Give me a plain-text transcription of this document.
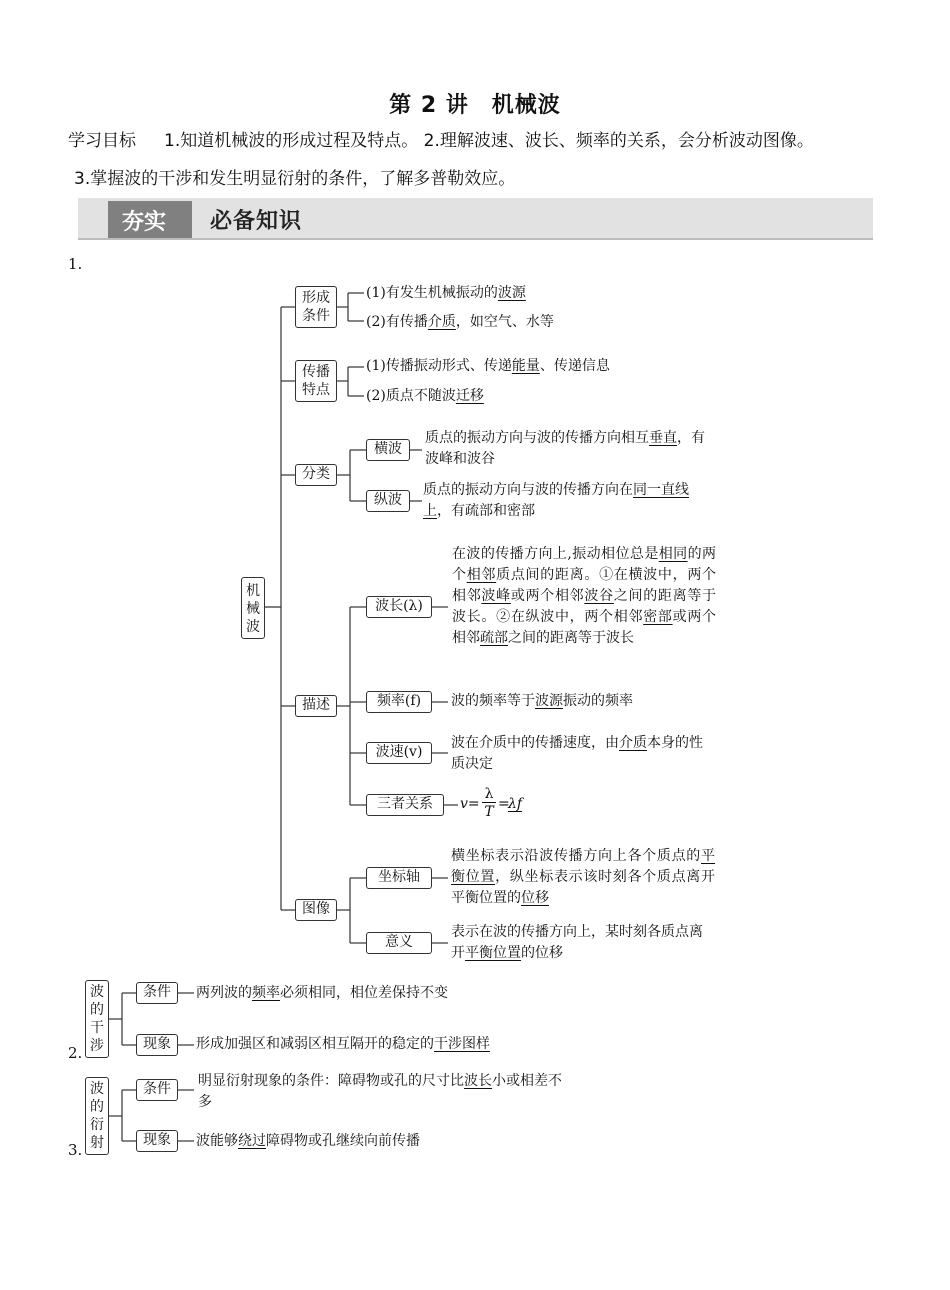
第 2 讲　机械波
学习目标 1.知道机械波的形成过程及特点。 2.理解波速、波长、频率的关系，会分析波动图像。
3.掌握波的干涉和发生明显衍射的条件，了解多普勒效应。
夯实 必备知识
1.
机械波
形成条件
(1)有发生机械振动的波源
(2)有传播介质，如空气、水等
传播特点
(1)传播振动形式、传递能量、传递信息
(2)质点不随波迁移
分类
横波
质点的振动方向与波的传播方向相互垂直，有波峰和波谷
纵波
质点的振动方向与波的传播方向在同一直线上，有疏部和密部
描述
波长(λ)
在波的传播方向上,振动相位总是相同的两个相邻质点间的距离。①在横波中，两个相邻波峰或两个相邻波谷之间的距离等于波长。②在纵波中，两个相邻密部或两个相邻疏部之间的距离等于波长
频率(f)	波的频率等于波源振动的频率
波速(v)
波在介质中的传播速度，由介质本身的性质决定
三者关系	v=
λ
T =
λf
图像
坐标轴
横坐标表示沿波传播方向上各个质点的平衡位置，纵坐标表示该时刻各个质点离开平衡位置的位移
意义
表示在波的传播方向上，某时刻各质点离开平衡位置的位移
2.
波的干涉
条件	两列波的频率必须相同，相位差保持不变
现象	形成加强区和减弱区相互隔开的稳定的干涉图样
3.
波的衍射
条件	明显衍射现象的条件：障碍物或孔的尺寸比波长小或相差不多
现象	波能够绕过障碍物或孔继续向前传播
